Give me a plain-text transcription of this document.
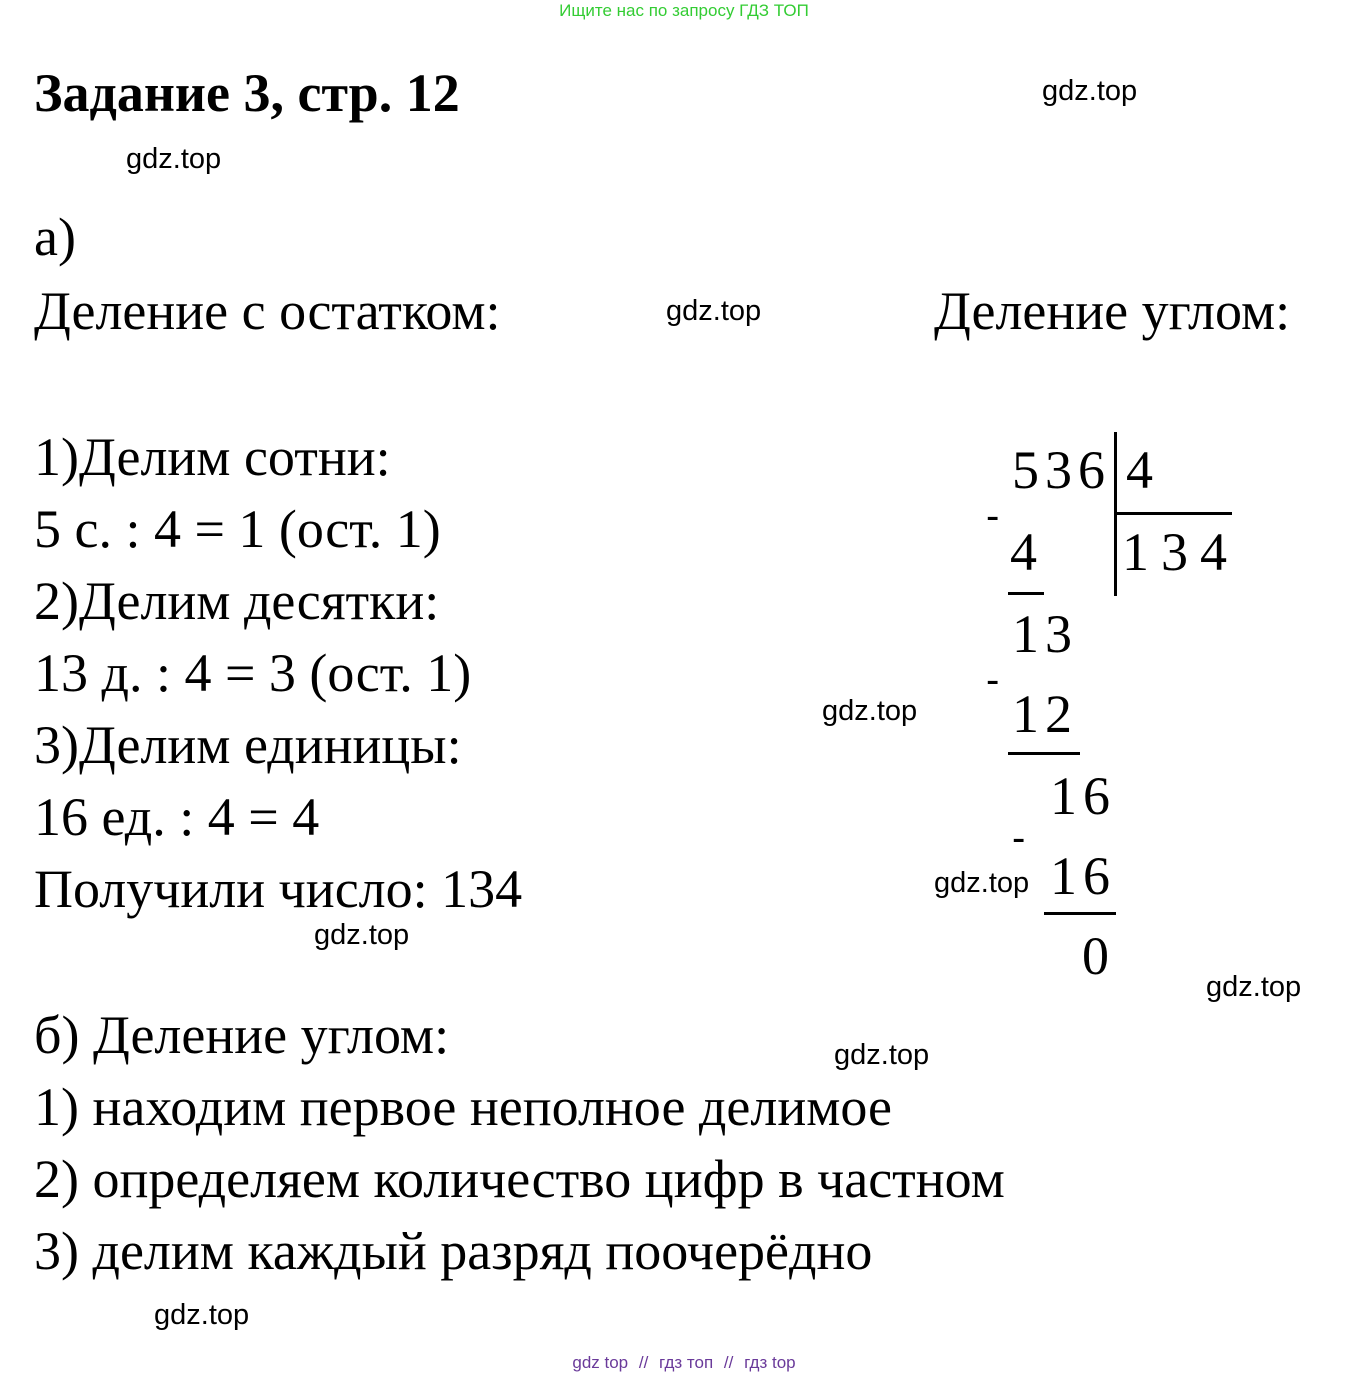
Ищите нас по запросу ГДЗ ТОП
Задание 3, стр. 12	gdz.top
gdz.top
gdz.top
gdz.top
gdz.top
gdz.top
gdz.top
gdz.top
gdz.top
а)
Деление с остатком:	Деление углом:
1)Делим сотни:
5 с. : 4 = 1 (ост. 1)
2)Делим десятки:
13 д. : 4 = 3 (ост. 1)
3)Делим единицы:
16 ед. : 4 = 4
Получили число: 134
536 4
134
-
4
13
-
12
16
-
16
0
б) Деление углом:
1) находим первое неполное делимое
2) определяем количество цифр в частном
3) делим каждый разряд поочерёдно
gdz top // гдз топ // гдз top
